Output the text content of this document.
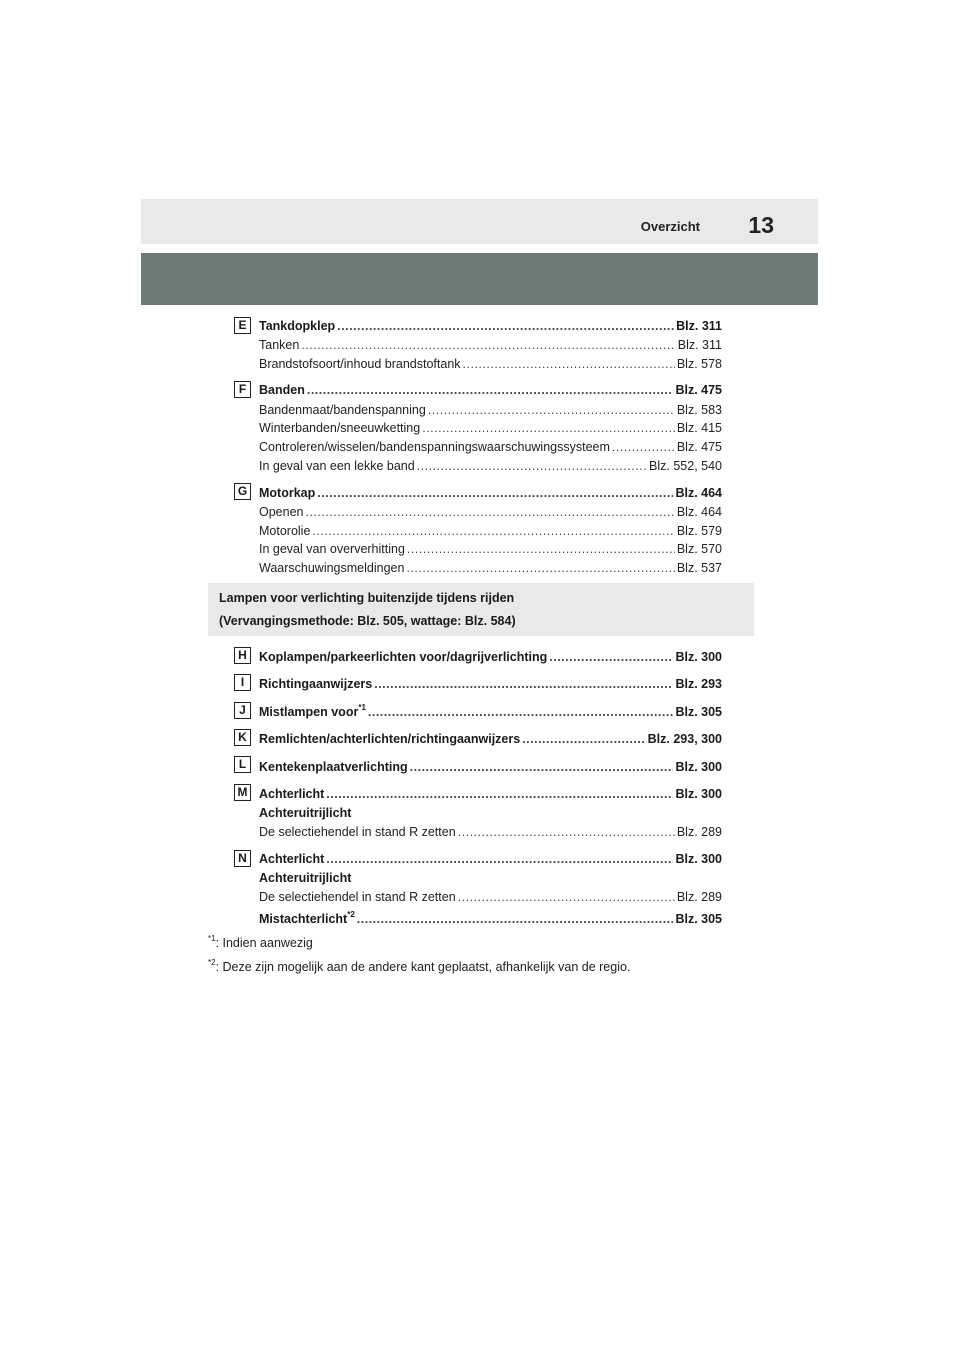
Overzicht 13
E	Tankdopklep .....	Blz. 311
Tanken .....	Blz. 311
Brandstofsoort/inhoud brandstoftank .....	Blz. 578
F	Banden .....	Blz. 475
Bandenmaat/bandenspanning .....	Blz. 583
Winterbanden/sneeuwketting .....	Blz. 415
Controleren/wisselen/bandenspanningswaarschuwingssysteem .....	Blz. 475
In geval van een lekke band .....	Blz. 552, 540
G Motorkap .....	Blz. 464
Openen .....	Blz. 464
Motorolie .....	Blz. 579
In geval van oververhitting .....	Blz. 570
Waarschuwingsmeldingen .....	Blz. 537
Lampen voor verlichting buitenzijde tijdens rijden
(Vervangingsmethode: Blz. 505, wattage: Blz. 584)
H Koplampen/parkeerlichten voor/dagrijverlichting .....	Blz. 300
I	Richtingaanwijzers .....	Blz. 293
J	Mistlampen voor$^{*1}$ .....	Blz. 305
K Remlichten/achterlichten/richtingaanwijzers .....	Blz. 293, 300
L	Kentekenplaatverlichting .....	Blz. 300
M Achterlicht .....	Blz. 300
Achteruitrijlicht
De selectiehendel in stand R zetten .....	Blz. 289
N Achterlicht .....	Blz. 300
Achteruitrijlicht
De selectiehendel in stand R zetten .....	Blz. 289
Mistachterlicht$^{*2}$ .....	Blz. 305
$^{*1}$: Indien aanwezig
$^{*2}$: Deze zijn mogelijk aan de andere kant geplaatst, afhankelijk van de regio.
